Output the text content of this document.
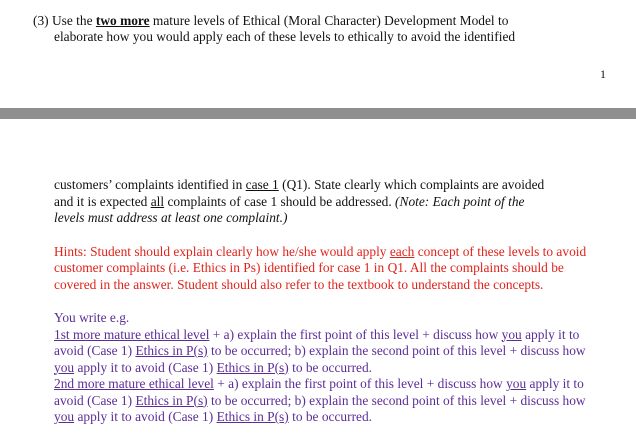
(3) Use the two more mature levels of Ethical (Moral Character) Development Model to

elaborate how you would apply each of these levels to ethically to avoid the identified

1
customers’ complaints identified in case 1 (Q1). State clearly which complaints are avoided
and it is expected all complaints of case 1 should be addressed. (Note: Each point of the
levels must address at least one complaint.)
Hints: Student should explain clearly how he/she would apply each concept of these levels to avoid
customer complaints (i.e. Ethics in Ps) identified for case 1 in Q1. All the complaints should be
covered in the answer. Student should also refer to the textbook to understand the concepts.
You write e.g.
1st more mature ethical level + a) explain the first point of this level + discuss how you apply it to
avoid (Case 1) Ethics in P(s) to be occurred; b) explain the second point of this level + discuss how
you apply it to avoid (Case 1) Ethics in P(s) to be occurred.
2nd more mature ethical level + a) explain the first point of this level + discuss how you apply it to
avoid (Case 1) Ethics in P(s) to be occurred; b) explain the second point of this level + discuss how
you apply it to avoid (Case 1) Ethics in P(s) to be occurred.
